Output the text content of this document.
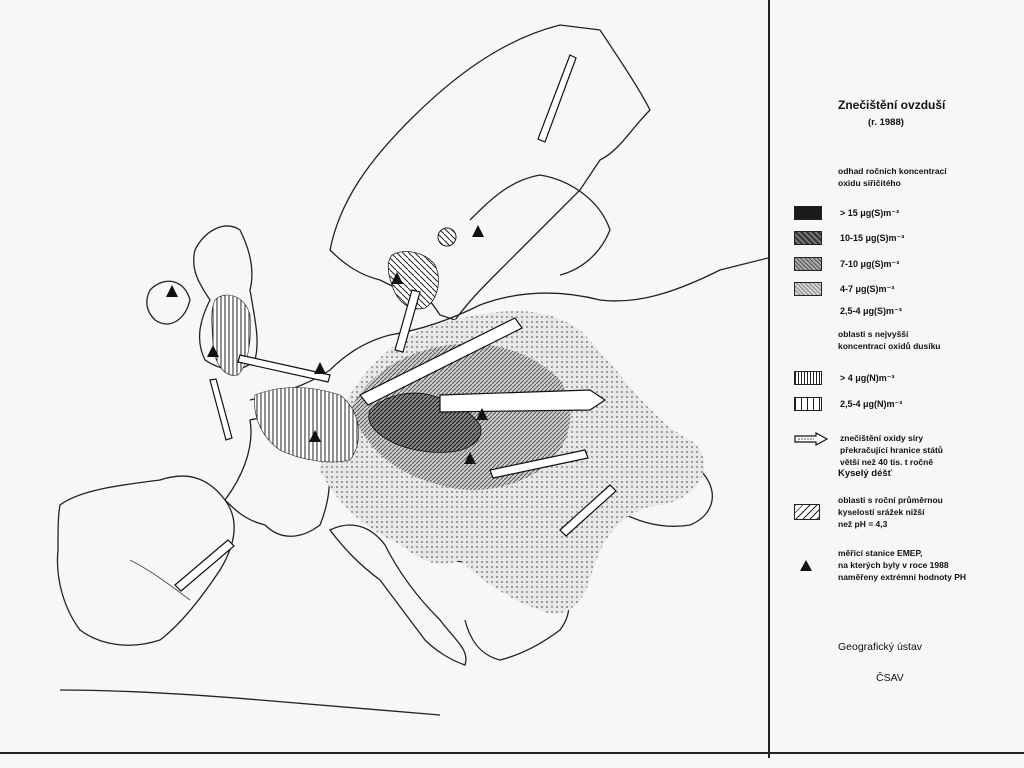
Znečištění ovzduší
(r. 1988)
odhad ročních koncentrací
oxidu siřičitého
> 15 μg(S)m⁻³
10-15 μg(S)m⁻³
7-10 μg(S)m⁻³
4-7 μg(S)m⁻³
2,5-4 μg(S)m⁻³
oblasti s nejvyšší
koncentrací oxidů dusíku
> 4 μg(N)m⁻³
2,5-4 μg(N)m⁻³
znečištění oxidy síry
překračující hranice států
větší než 40 tis. t ročně
Kyselý déšť
oblasti s roční průměrnou
kyselostí srážek nižší
než pH = 4,3
měřicí stanice EMEP,
na kterých byly v roce 1988
naměřeny extrémní hodnoty PH
Geografický ústav
ČSAV
